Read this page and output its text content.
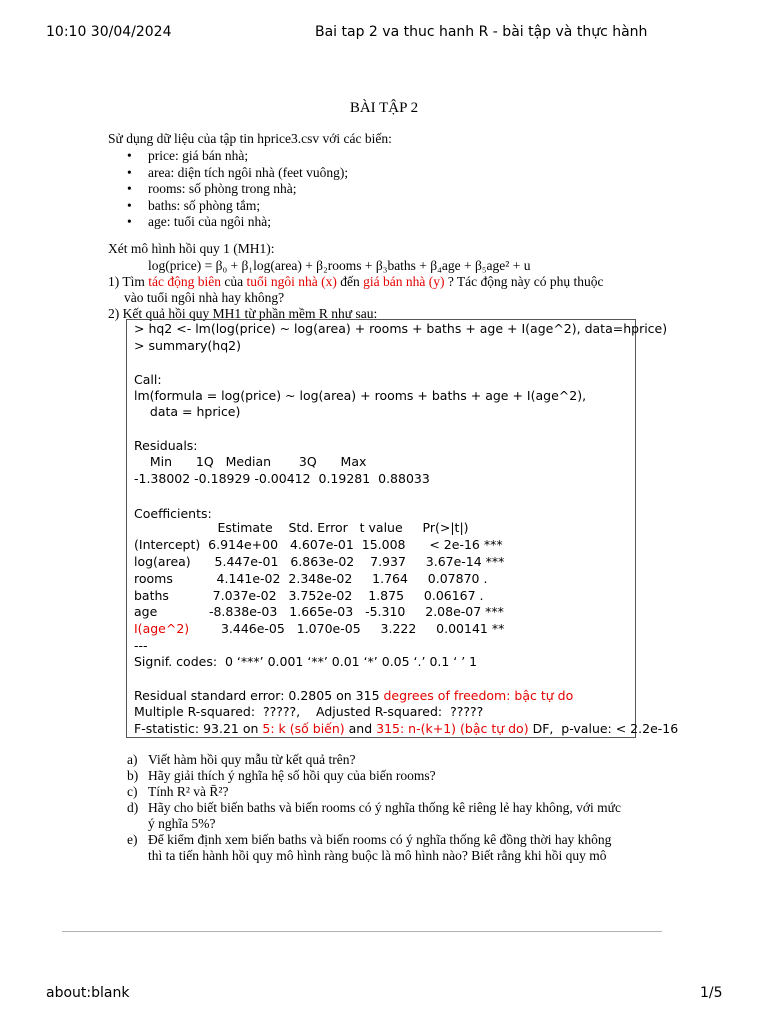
10:10 30/04/2024	Bai tap 2 va thuc hanh R - bài tập và thực hành
BÀI TẬP 2
Sử dụng dữ liệu của tập tin hprice3.csv với các biến:
• price: giá bán nhà;
• area: diện tích ngôi nhà (feet vuông);
• rooms: số phòng trong nhà;
• baths: số phòng tắm;
• age: tuổi của ngôi nhà;
Xét mô hình hồi quy 1 (MH1):
log(price) = β₀ + β₁log(area) + β₂rooms + β₃baths + β₄age + β₅age² + u
1) Tìm tác động biên của tuổi ngôi nhà (x) đến giá bán nhà (y) ? Tác động này có phụ thuộc
vào tuổi ngôi nhà hay không?
2) Kết quả hồi quy MH1 từ phần mềm R như sau:
> hq2 <- lm(log(price) ~ log(area) + rooms + baths + age + I(age^2), data=hprice)
> summary(hq2)
Call:
lm(formula = log(price) ~ log(area) + rooms + baths + age + I(age^2),
data = hprice)
Residuals:
Min      1Q   Median       3Q      Max
-1.38002 -0.18929 -0.00412  0.19281  0.88033
Coefficients:
Estimate    Std. Error   t value     Pr(>|t|)
(Intercept)  6.914e+00   4.607e-01  15.008      < 2e-16 ***
log(area)      5.447e-01   6.863e-02    7.937     3.67e-14 ***
rooms           4.141e-02  2.348e-02     1.764     0.07870 .
baths           7.037e-02   3.752e-02    1.875     0.06167 .
age             -8.838e-03   1.665e-03   -5.310     2.08e-07 ***
I(age^2)        3.446e-05   1.070e-05     3.222     0.00141 **
---
Signif. codes:  0 ‘***’ 0.001 ‘**’ 0.01 ‘*’ 0.05 ‘.’ 0.1 ‘ ’ 1
Residual standard error: 0.2805 on 315 degrees of freedom: bậc tự do
Multiple R-squared:  ?????,    Adjusted R-squared:  ?????
F-statistic: 93.21 on 5: k (số biến) and 315: n-(k+1) (bậc tự do) DF,  p-value: < 2.2e-16
a) Viết hàm hồi quy mẫu từ kết quả trên?
b) Hãy giải thích ý nghĩa hệ số hồi quy của biến rooms?
c) Tính R² và R̄²?
d) Hãy cho biết biến baths và biến rooms có ý nghĩa thống kê riêng lẻ hay không, với mức
ý nghĩa 5%?
e) Để kiểm định xem biến baths và biến rooms có ý nghĩa thống kê đồng thời hay không
thì ta tiến hành hồi quy mô hình ràng buộc là mô hình nào? Biết rằng khi hồi quy mô
about:blank	1/5
